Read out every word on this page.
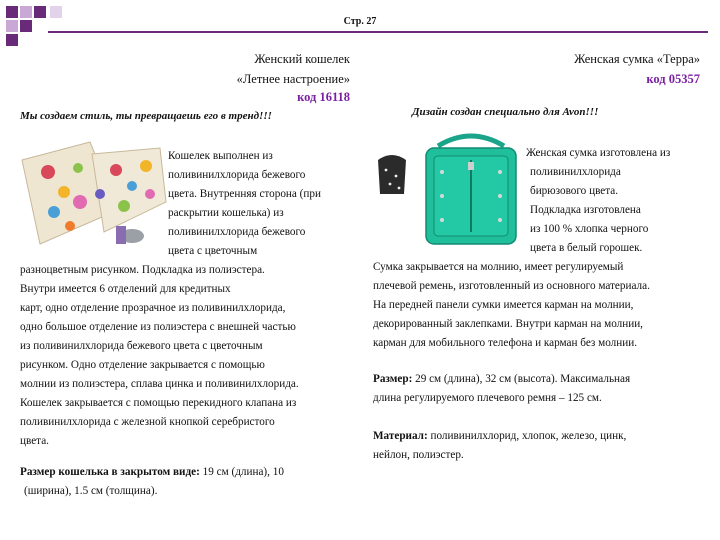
Стр. 27
Женский кошелек
«Летнее настроение»
код 16118
Мы создаем стиль, ты превращаешь его в тренд!!!
Кошелек выполнен из
поливинилхлорида бежевого
цвета. Внутренняя сторона (при
раскрытии кошелька) из
поливинилхлорида бежевого
цвета с цветочным
разноцветным рисунком. Подкладка из полиэстера.
Внутри имеется 6 отделений для кредитных
карт, одно отделение прозрачное из поливинилхлорида,
одно большое отделение из полиэстера с внешней частью
из поливинилхлорида бежевого цвета с цветочным
рисунком. Одно отделение закрывается с помощью
молнии из полиэстера, сплава цинка и поливинилхлорида.
Кошелек закрывается с помощью перекидного клапана из
поливинилхлорида с железной кнопкой серебристого
цвета.
Размер кошелька в закрытом виде: 19 см (длина), 10
(ширина), 1.5 см (толщина).
Женская сумка «Терра»
код 05357
Дизайн создан специально для Avon!!!
Женская сумка изготовлена из
поливинилхлорида
бирюзового цвета.
Подкладка изготовлена
из 100 % хлопка черного
цвета в белый горошек.
Сумка закрывается на молнию, имеет регулируемый
плечевой ремень, изготовленный из основного материала.
На передней панели сумки имеется карман на молнии,
декорированный заклепками. Внутри карман на молнии,
карман для мобильного телефона и карман без молнии.
Размер: 29 см (длина), 32 см (высота). Максимальная
длина регулируемого плечевого ремня – 125 см.
Материал: поливинилхлорид, хлопок, железо, цинк,
нейлон, полиэстер.
